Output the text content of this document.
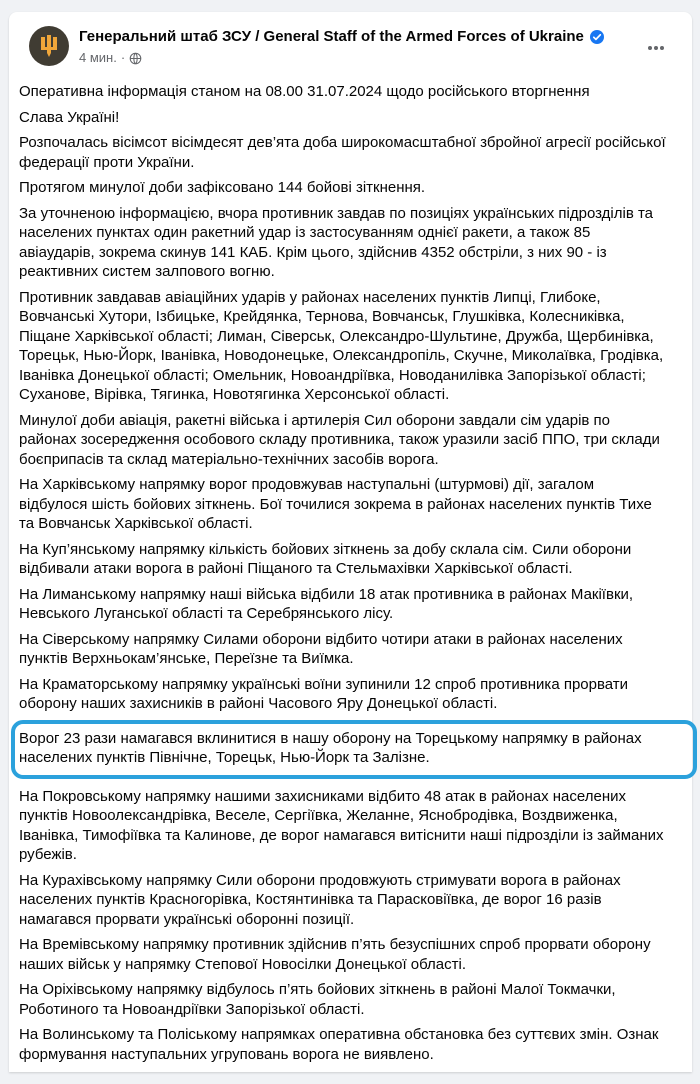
Генеральний штаб ЗСУ / General Staff of the Armed Forces of Ukraine
4 мин. ·

Оперативна інформація станом на 08.00 31.07.2024 щодо російського вторгнення

Слава Україні!

Розпочалась вісімсот вісімдесят дев’ята доба широкомасштабної збройної агресії російської федерації проти України.

Протягом минулої доби зафіксовано 144 бойові зіткнення.

За уточненою інформацією, вчора противник завдав по позиціях українських підрозділів та населених пунктах один ракетний удар із застосуванням однієї ракети, а також 85 авіаударів, зокрема скинув 141 КАБ. Крім цього, здійснив 4352 обстріли, з них 90 - із реактивних систем залпового вогню.

Противник завдавав авіаційних ударів у районах населених пунктів Липці, Глибоке, Вовчанські Хутори, Ізбицьке, Крейдянка, Тернова, Вовчанськ, Глушківка, Колесниківка, Піщане Харківської області; Лиман, Сіверськ, Олександро-Шультине, Дружба, Щербинівка, Торецьк, Нью-Йорк, Іванівка, Новодонецьке, Олександропіль, Скучне, Миколаївка, Гродівка, Іванівка Донецької області; Омельник, Новоандріївка, Новоданилівка Запорізької області; Суханове, Вірівка, Тягинка, Новотягинка Херсонської області.

Минулої доби авіація, ракетні війська і артилерія Сил оборони завдали сім ударів по районах зосередження особового складу противника, також уразили засіб ППО, три склади боєприпасів та склад матеріально-технічних засобів ворога.

На Харківському напрямку ворог продовжував наступальні (штурмові) дії, загалом відбулося шість бойових зіткнень. Бої точилися зокрема в районах населених пунктів Тихе та Вовчанськ Харківської області.

На Куп’янському напрямку кількість бойових зіткнень за добу склала сім. Сили оборони відбивали атаки ворога в районі Піщаного та Стельмахівки Харківської області.

На Лиманському напрямку наші війська відбили 18 атак противника в районах Макіївки, Невського Луганської області та Серебрянського лісу.

На Сіверському напрямку Силами оборони відбито чотири атаки в районах населених пунктів Верхньокам’янське, Переїзне та Виїмка.

На Краматорському напрямку українські воїни зупинили 12 спроб противника прорвати оборону наших захисників в районі Часового Яру Донецької області.

Ворог 23 рази намагався вклинитися в нашу оборону на Торецькому напрямку в районах населених пунктів Північне, Торецьк, Нью-Йорк та Залізне.

На Покровському напрямку нашими захисниками відбито 48 атак в районах населених пунктів Новоолександрівка, Веселе, Сергіївка, Желанне, Яснобродівка, Воздвиженка, Іванівка, Тимофіївка та Калинове, де ворог намагався витіснити наші підрозділи із займаних рубежів.

На Курахівському напрямку Сили оборони продовжують стримувати ворога в районах населених пунктів Красногорівка, Костянтинівка та Парасковіївка, де ворог 16 разів намагався прорвати українські оборонні позиції.

На Времівському напрямку противник здійснив п’ять безуспішних спроб прорвати оборону наших військ у напрямку Степової Новосілки Донецької області.

На Оріхівському напрямку відбулось п’ять бойових зіткнень в районі Малої Токмачки, Роботиного та Новоандріївки Запорізької області.

На Волинському та Поліському напрямках оперативна обстановка без суттєвих змін. Ознак формування наступальних угруповань ворога не виявлено.
